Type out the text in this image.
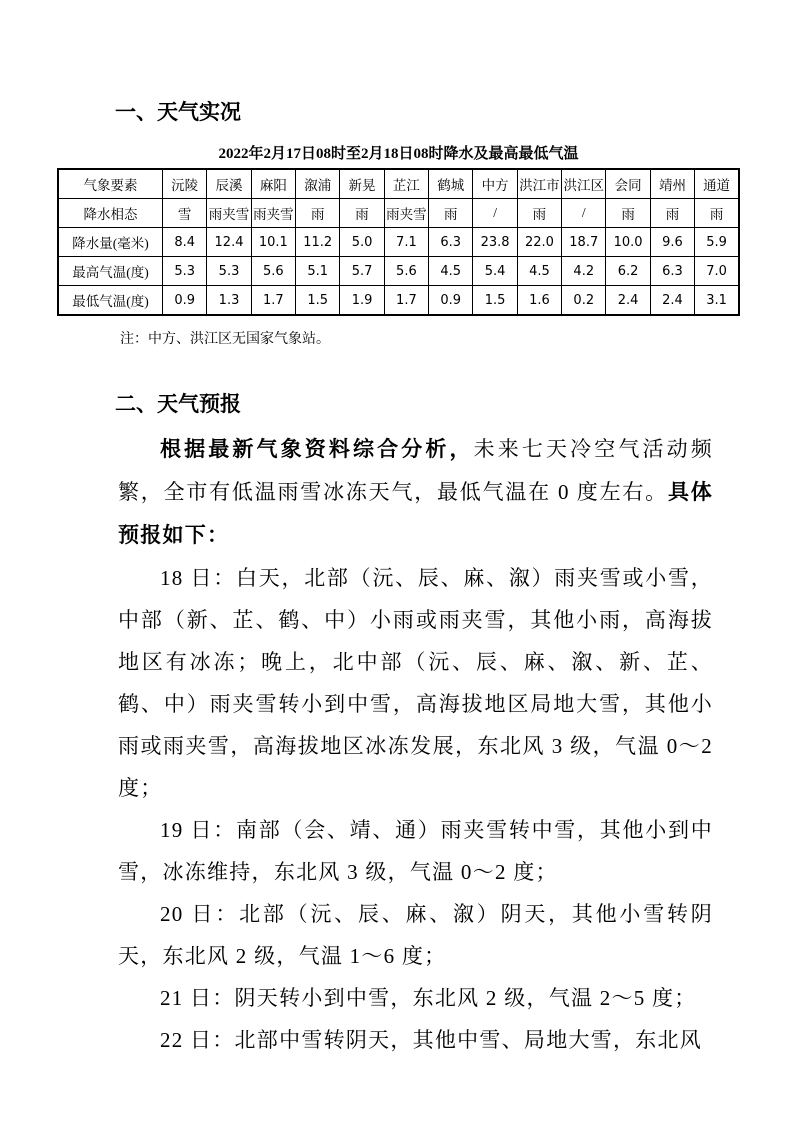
一、天气实况
2022年2月17日08时至2月18日08时降水及最高最低气温
气象要素	沅陵	辰溪	麻阳	溆浦	新晃	芷江	鹤城	中方	洪江市	洪江区	会同	靖州	通道
降水相态	雪	雨夹雪	雨夹雪	雨	雨	雨夹雪	雨	/	雨	/	雨	雨	雨
降水量(毫米)	8.4	12.4	10.1	11.2	5.0	7.1	6.3	23.8	22.0	18.7	10.0	9.6	5.9
最高气温(度)	5.3	5.3	5.6	5.1	5.7	5.6	4.5	5.4	4.5	4.2	6.2	6.3	7.0
最低气温(度)	0.9	1.3	1.7	1.5	1.9	1.7	0.9	1.5	1.6	0.2	2.4	2.4	3.1
注：中方、洪江区无国家气象站。
二、天气预报

根据最新气象资料综合分析，未来七天冷空气活动频繁，全市有低温雨雪冰冻天气，最低气温在 0 度左右。具体预报如下：

18 日：白天，北部（沅、辰、麻、溆）雨夹雪或小雪，中部（新、芷、鹤、中）小雨或雨夹雪，其他小雨，高海拔地区有冰冻；晚上，北中部（沅、辰、麻、溆、新、芷、鹤、中）雨夹雪转小到中雪，高海拔地区局地大雪，其他小雨或雨夹雪，高海拔地区冰冻发展，东北风 3 级，气温 0～2 度；

19 日：南部（会、靖、通）雨夹雪转中雪，其他小到中雪，冰冻维持，东北风 3 级，气温 0～2 度；

20 日：北部（沅、辰、麻、溆）阴天，其他小雪转阴天，东北风 2 级，气温 1～6 度；

21 日：阴天转小到中雪，东北风 2 级，气温 2～5 度；

22 日：北部中雪转阴天，其他中雪、局地大雪，东北风
